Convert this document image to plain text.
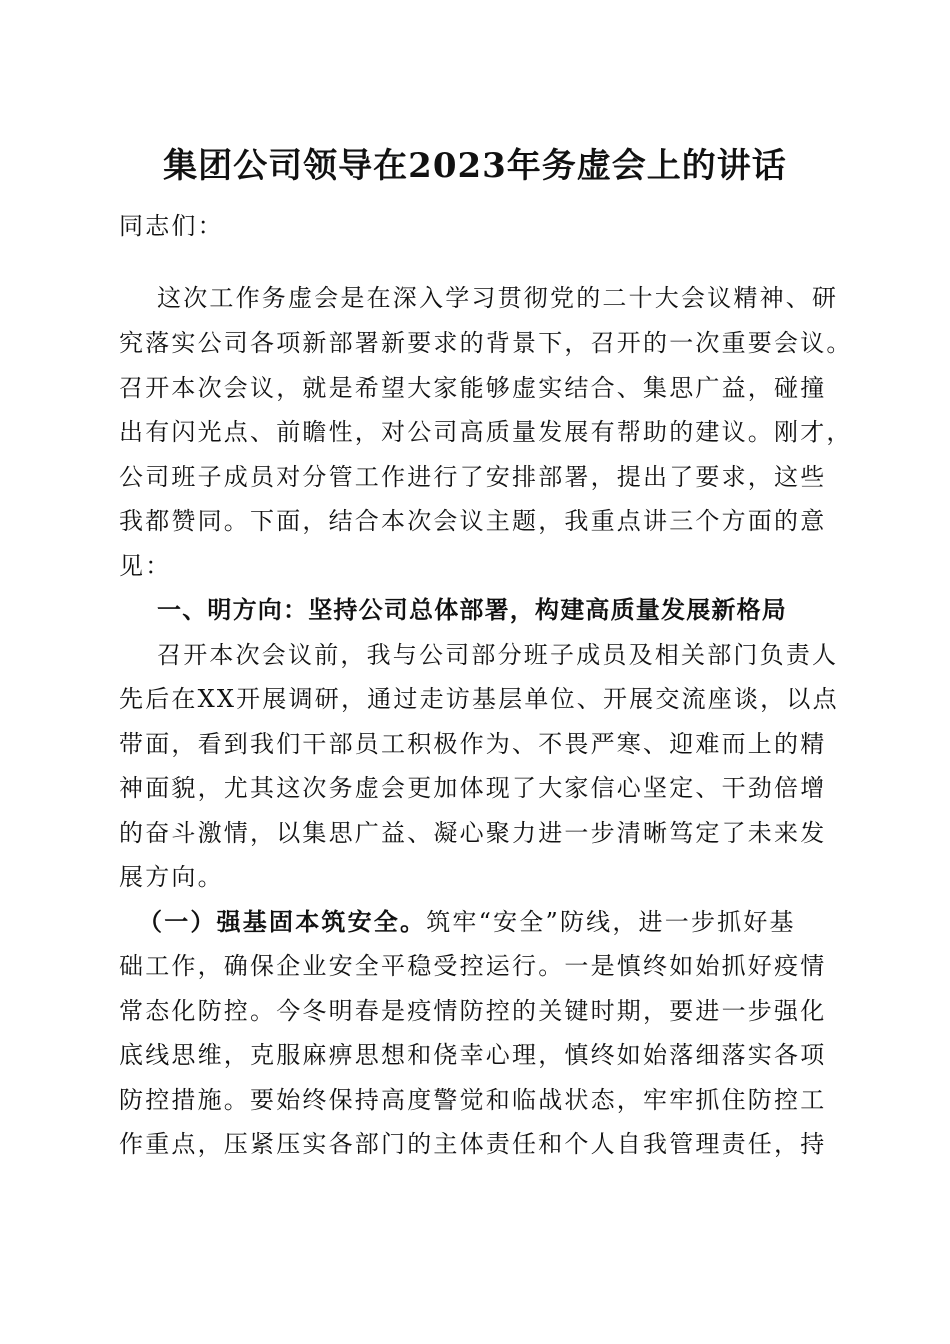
集团公司领导在2023年务虚会上的讲话
同志们：
这次工作务虚会是在深入学习贯彻党的二十大会议精神、研
究落实公司各项新部署新要求的背景下，召开的一次重要会议。
召开本次会议，就是希望大家能够虚实结合、集思广益，碰撞
出有闪光点、前瞻性，对公司高质量发展有帮助的建议。刚才，
公司班子成员对分管工作进行了安排部署，提出了要求，这些
我都赞同。下面，结合本次会议主题，我重点讲三个方面的意
见：
一、明方向：坚持公司总体部署，构建高质量发展新格局
召开本次会议前，我与公司部分班子成员及相关部门负责人
先后在XX开展调研，通过走访基层单位、开展交流座谈，以点
带面，看到我们干部员工积极作为、不畏严寒、迎难而上的精
神面貌，尤其这次务虚会更加体现了大家信心坚定、干劲倍增
的奋斗激情，以集思广益、凝心聚力进一步清晰笃定了未来发
展方向。
（一）强基固本筑安全。筑牢“安全”防线，进一步抓好基
础工作，确保企业安全平稳受控运行。一是慎终如始抓好疫情
常态化防控。今冬明春是疫情防控的关键时期，要进一步强化
底线思维，克服麻痹思想和侥幸心理，慎终如始落细落实各项
防控措施。要始终保持高度警觉和临战状态，牢牢抓住防控工
作重点，压紧压实各部门的主体责任和个人自我管理责任，持
